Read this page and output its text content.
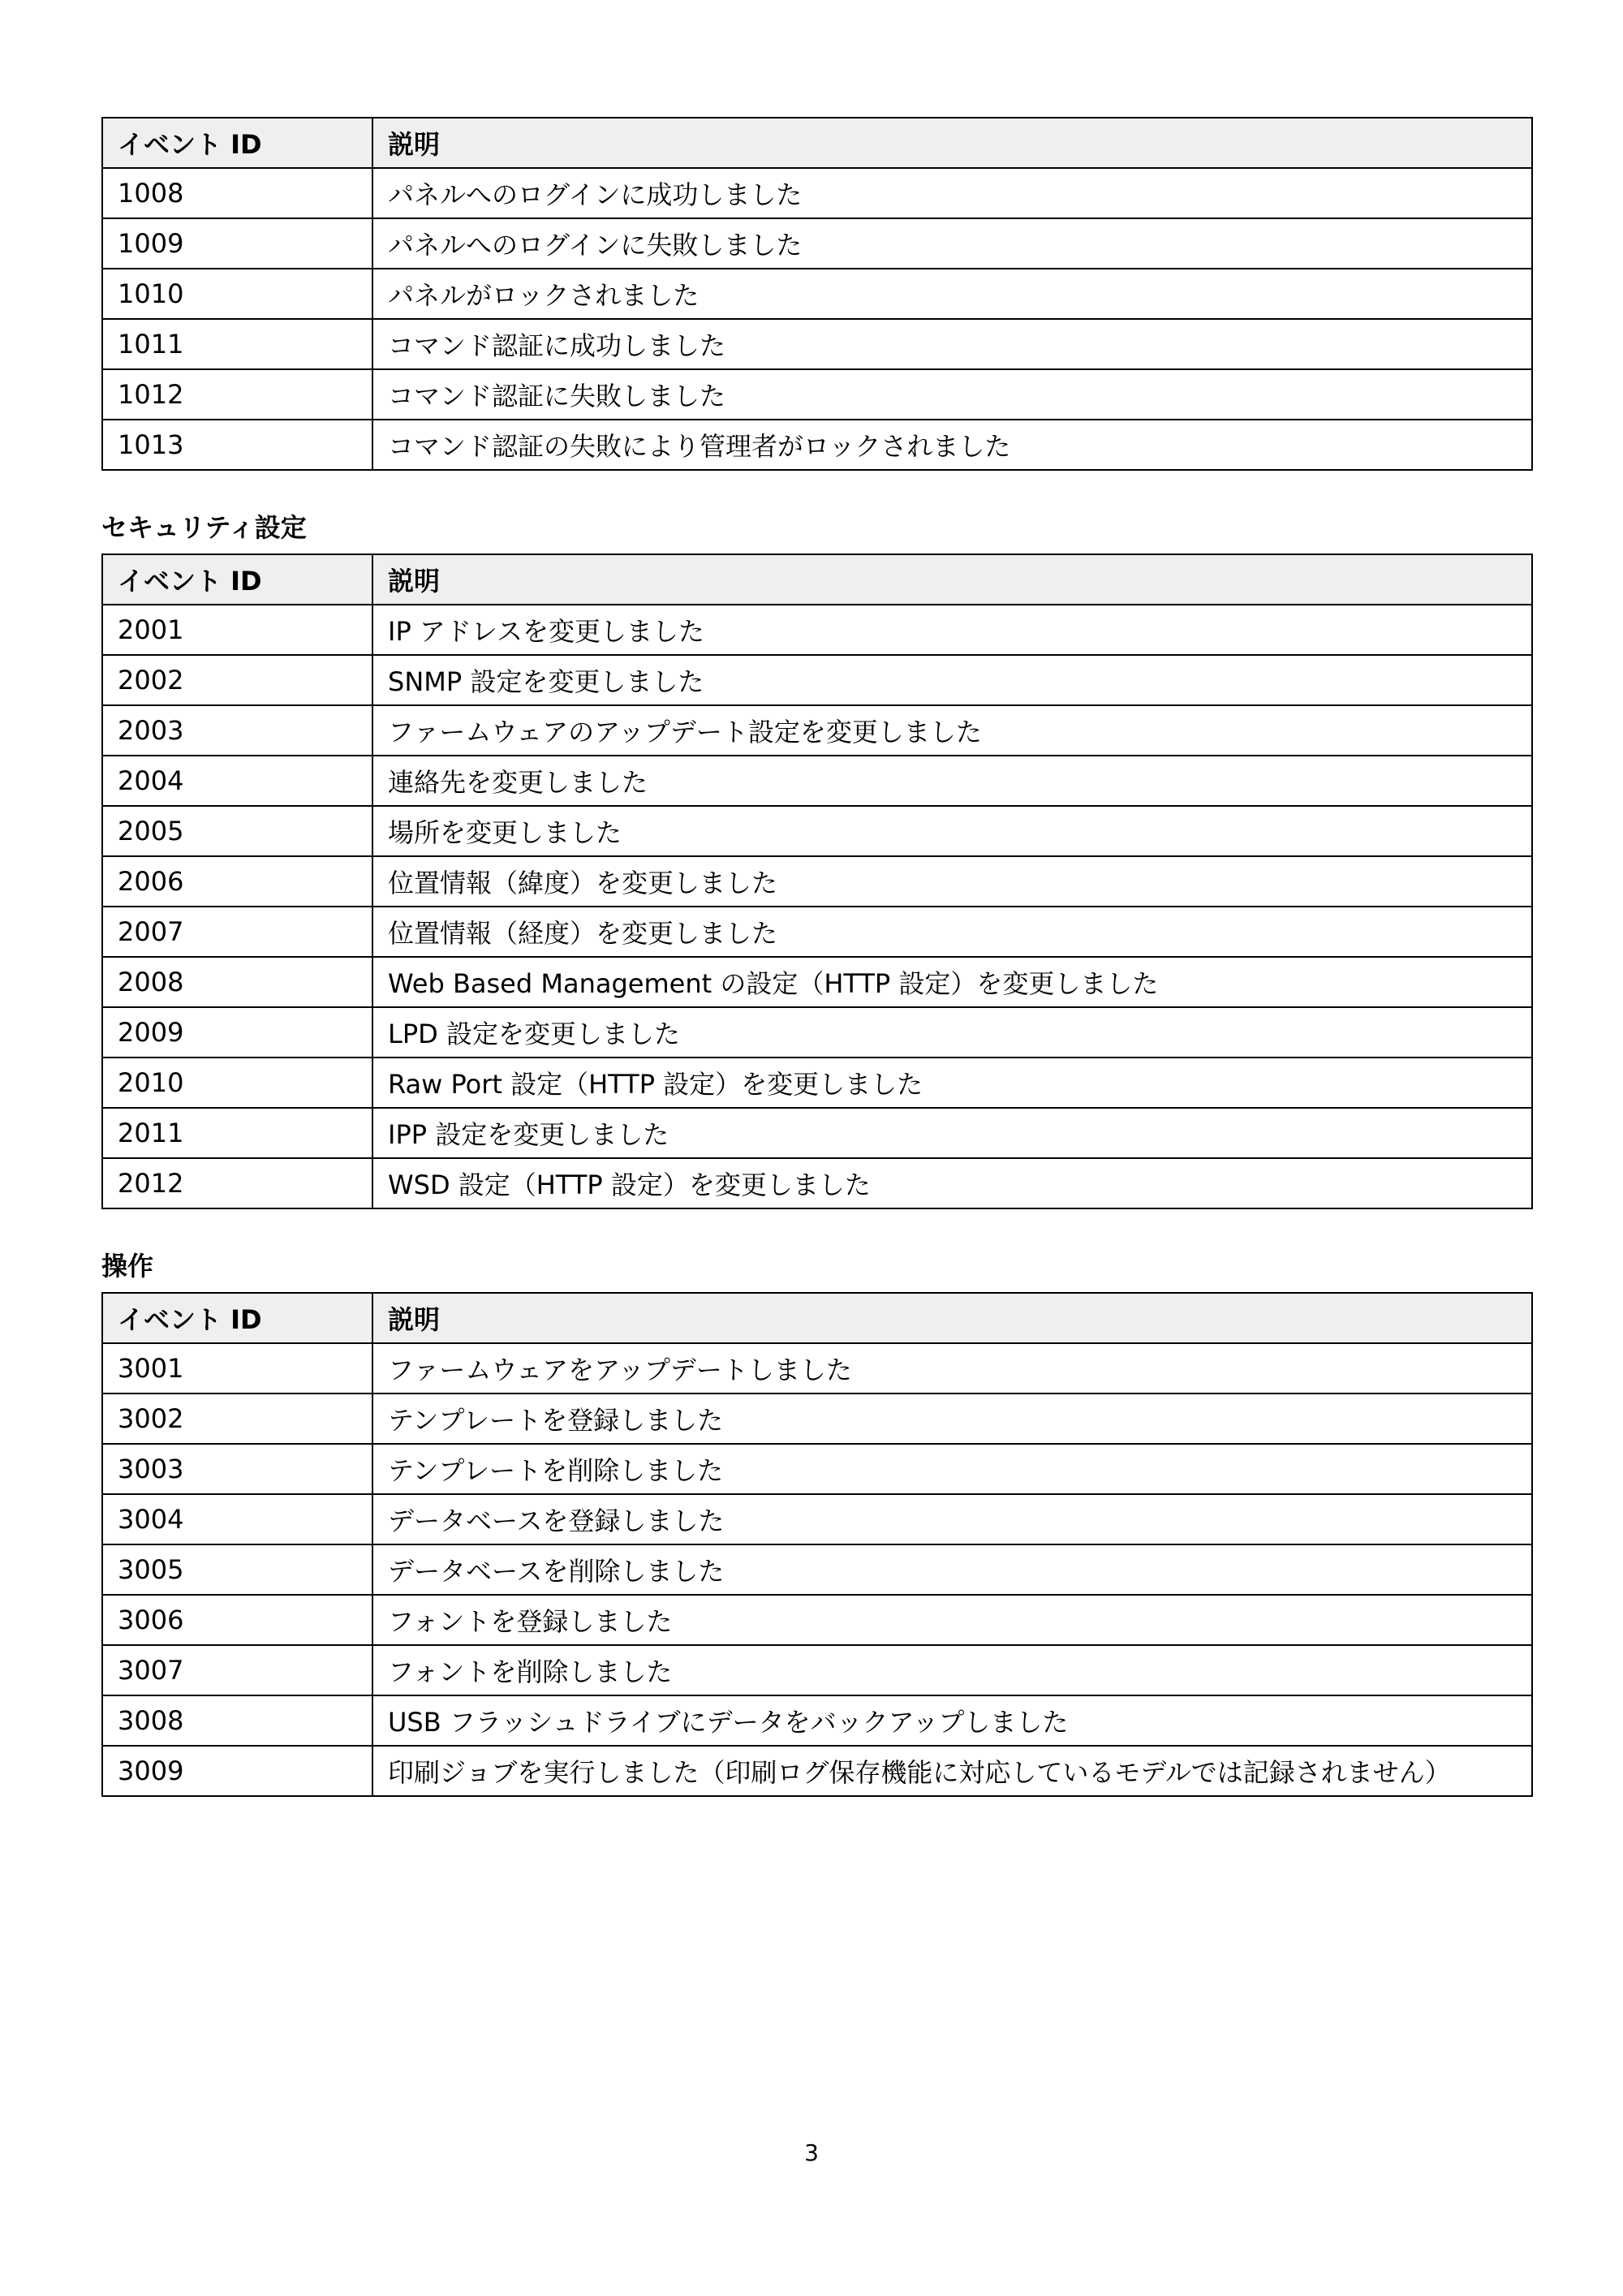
イベント ID	説明
1008	パネルへのログインに成功しました
1009	パネルへのログインに失敗しました
1010	パネルがロックされました
1011	コマンド認証に成功しました
1012	コマンド認証に失敗しました
1013	コマンド認証の失敗により管理者がロックされました
セキュリティ設定
イベント ID	説明
2001	IP アドレスを変更しました
2002	SNMP 設定を変更しました
2003	ファームウェアのアップデート設定を変更しました
2004	連絡先を変更しました
2005	場所を変更しました
2006	位置情報（緯度）を変更しました
2007	位置情報（経度）を変更しました
2008	Web Based Management の設定（HTTP 設定）を変更しました
2009	LPD 設定を変更しました
2010	Raw Port 設定（HTTP 設定）を変更しました
2011	IPP 設定を変更しました
2012	WSD 設定（HTTP 設定）を変更しました
操作
イベント ID	説明
3001	ファームウェアをアップデートしました
3002	テンプレートを登録しました
3003	テンプレートを削除しました
3004	データベースを登録しました
3005	データベースを削除しました
3006	フォントを登録しました
3007	フォントを削除しました
3008	USB フラッシュドライブにデータをバックアップしました
3009	印刷ジョブを実行しました（印刷ログ保存機能に対応しているモデルでは記録されません）
3
